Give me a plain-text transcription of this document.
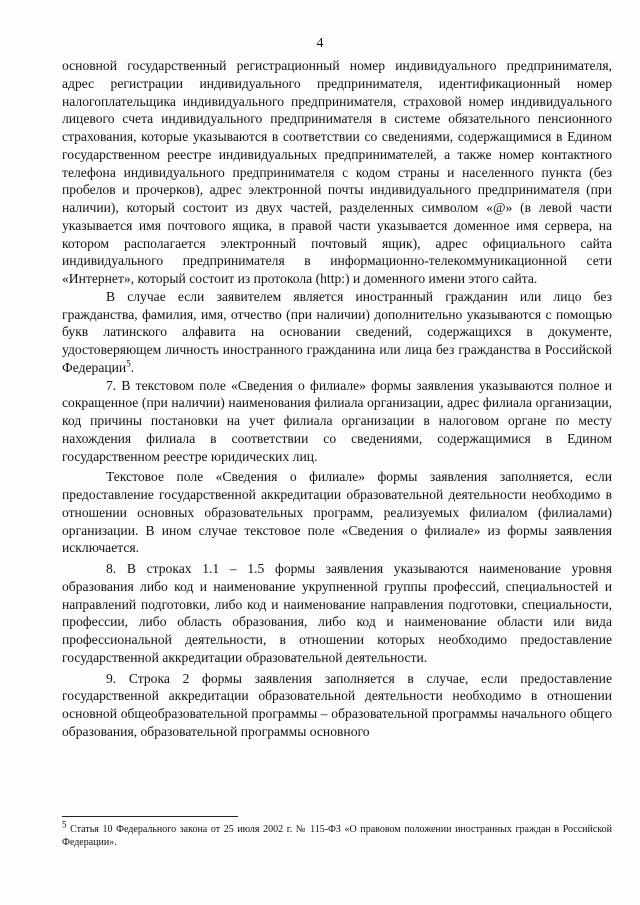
4

основной государственный регистрационный номер индивидуального предпринимателя, адрес регистрации индивидуального предпринимателя, идентификационный номер налогоплательщика индивидуального предпринимателя, страховой номер индивидуального лицевого счета индивидуального предпринимателя в системе обязательного пенсионного страхования, которые указываются в соответствии со сведениями, содержащимися в Едином государственном реестре индивидуальных предпринимателей, а также номер контактного телефона индивидуального предпринимателя с кодом страны и населенного пункта (без пробелов и прочерков), адрес электронной почты индивидуального предпринимателя (при наличии), который состоит из двух частей, разделенных символом «@» (в левой части указывается имя почтового ящика, в правой части указывается доменное имя сервера, на котором располагается электронный почтовый ящик), адрес официального сайта индивидуального предпринимателя в информационно-телекоммуникационной сети «Интернет», который состоит из протокола (http:) и доменного имени этого сайта.

В случае если заявителем является иностранный гражданин или лицо без гражданства, фамилия, имя, отчество (при наличии) дополнительно указываются с помощью букв латинского алфавита на основании сведений, содержащихся в документе, удостоверяющем личность иностранного гражданина или лица без гражданства в Российской Федерации$^5$.

7. В текстовом поле «Сведения о филиале» формы заявления указываются полное и сокращенное (при наличии) наименования филиала организации, адрес филиала организации, код причины постановки на учет филиала организации в налоговом органе по месту нахождения филиала в соответствии со сведениями, содержащимися в Едином государственном реестре юридических лиц.

Текстовое поле «Сведения о филиале» формы заявления заполняется, если предоставление государственной аккредитации образовательной деятельности необходимо в отношении основных образовательных программ, реализуемых филиалом (филиалами) организации. В ином случае текстовое поле «Сведения о филиале» из формы заявления исключается.

8. В строках 1.1 – 1.5 формы заявления указываются наименование уровня образования либо код и наименование укрупненной группы профессий, специальностей и направлений подготовки, либо код и наименование направления подготовки, специальности, профессии, либо область образования, либо код и наименование области или вида профессиональной деятельности, в отношении которых необходимо предоставление государственной аккредитации образовательной деятельности.

9. Строка 2 формы заявления заполняется в случае, если предоставление государственной аккредитации образовательной деятельности необходимо в отношении основной общеобразовательной программы – образовательной программы начального общего образования, образовательной программы основного

$^5$ Статья 10 Федерального закона от 25 июля 2002 г. № 115-ФЗ «О правовом положении иностранных граждан в Российской Федерации».
